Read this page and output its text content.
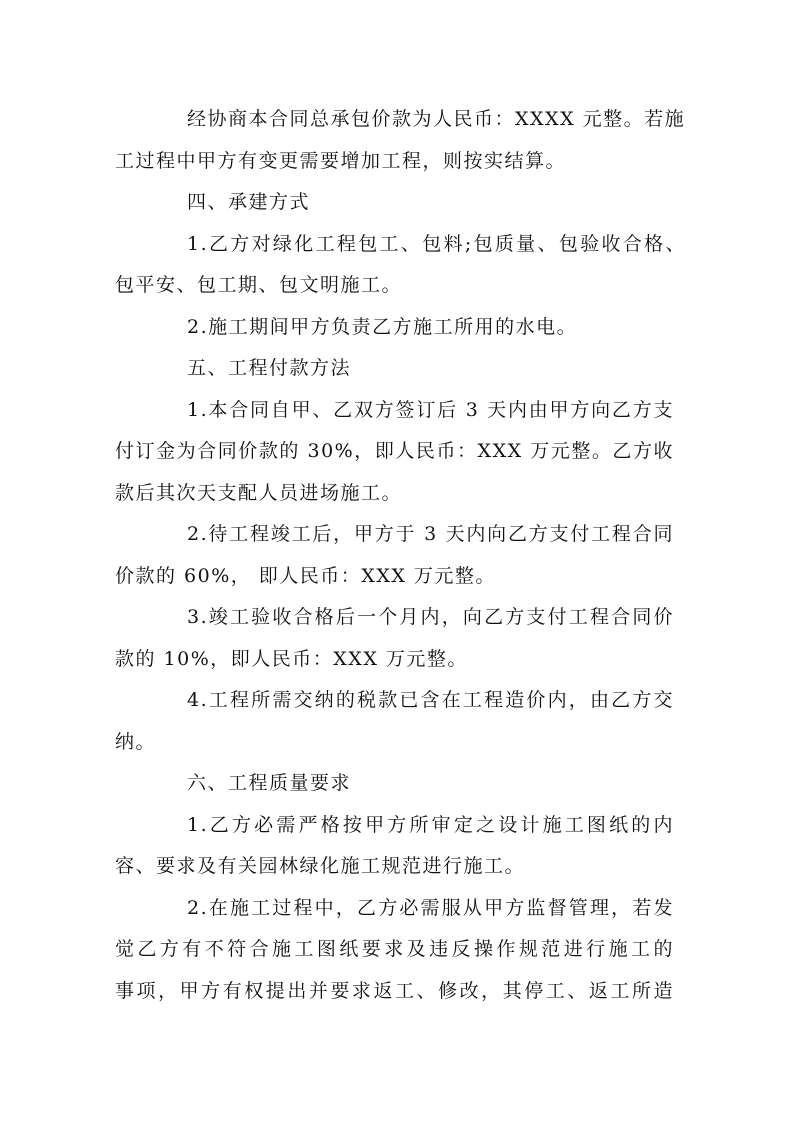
经协商本合同总承包价款为人民币：XXXX 元整。若施
工过程中甲方有变更需要增加工程，则按实结算。
四、承建方式
1.乙方对绿化工程包工、包料;包质量、包验收合格、
包平安、包工期、包文明施工。
2.施工期间甲方负责乙方施工所用的水电。
五、工程付款方法
1.本合同自甲、乙双方签订后 3 天内由甲方向乙方支
付订金为合同价款的 30%，即人民币：XXX 万元整。乙方收
款后其次天支配人员进场施工。
2.待工程竣工后，甲方于 3 天内向乙方支付工程合同
价款的 60%， 即人民币：XXX 万元整。
3.竣工验收合格后一个月内，向乙方支付工程合同价
款的 10%，即人民币：XXX 万元整。
4.工程所需交纳的税款已含在工程造价内，由乙方交
纳。
六、工程质量要求
1.乙方必需严格按甲方所审定之设计施工图纸的内
容、要求及有关园林绿化施工规范进行施工。
2.在施工过程中，乙方必需服从甲方监督管理，若发
觉乙方有不符合施工图纸要求及违反操作规范进行施工的
事项，甲方有权提出并要求返工、修改，其停工、返工所造
